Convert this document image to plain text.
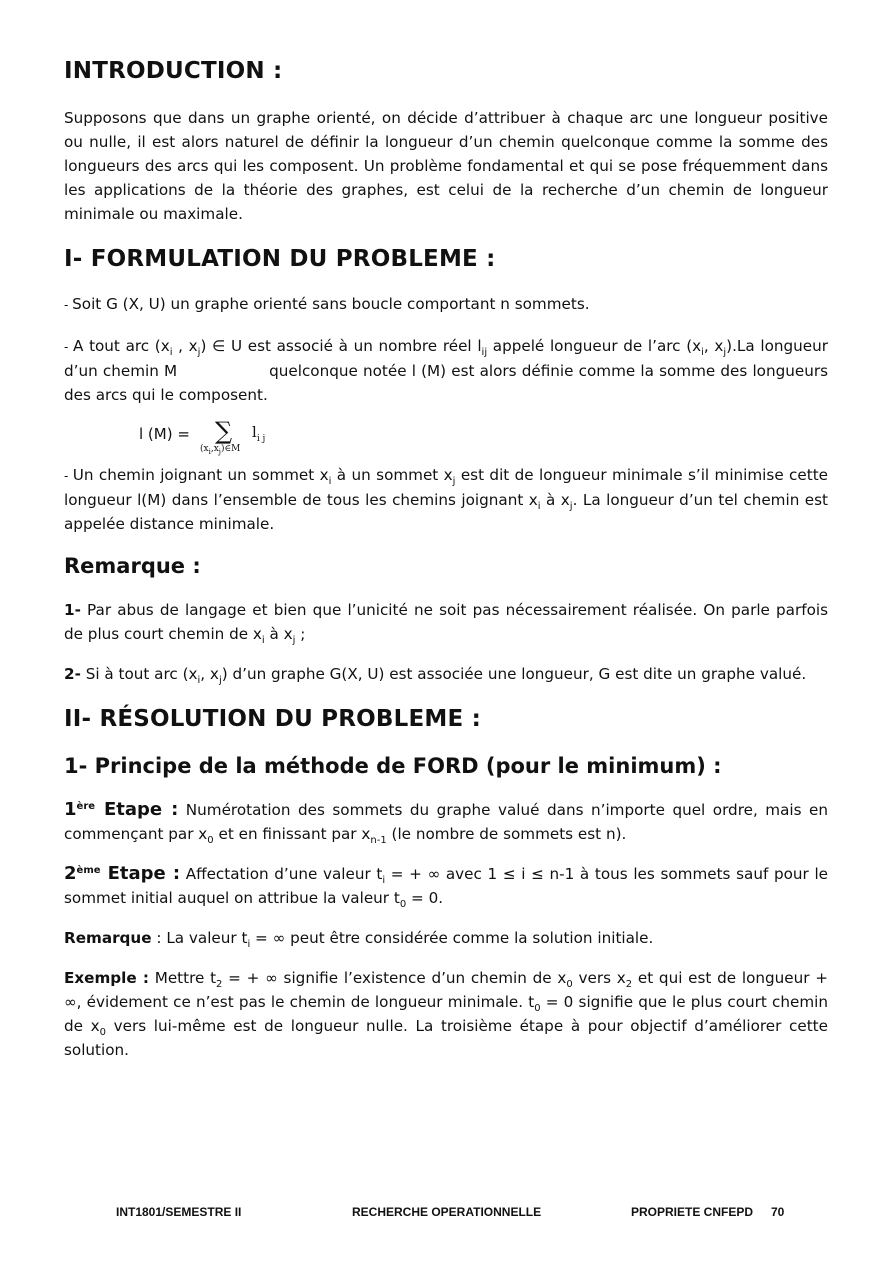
INTRODUCTION :

Supposons que dans un graphe orienté, on décide d’attribuer à chaque arc une longueur positive ou nulle, il est alors naturel de définir la longueur d’un chemin quelconque comme la somme des longueurs des arcs qui les composent. Un problème fondamental et qui se pose fréquemment dans les applications de la théorie des graphes, est celui de la recherche d’un chemin de longueur minimale ou maximale.

I- FORMULATION DU PROBLEME :

- Soit G (X, U) un graphe orienté sans boucle comportant n sommets.

- A tout arc ($x_i$ , $x_j$) ∈ U est associé à un nombre réel $l_{ij}$ appelé longueur de l’arc ($x_i$, $x_j).La$ longueur d’un chemin M	quelconque notée l (M) est alors définie comme la somme des longueurs des arcs qui le composent.

l (M) = ∑ $l_{i j}$
$(x_i,x_j)\in M$

- Un chemin joignant un sommet $x_i$ à un sommet $x_j$ est dit de longueur minimale s’il minimise cette longueur l(M) dans l’ensemble de tous les chemins joignant $x_i$ à $x_j$. La longueur d’un tel chemin est appelée distance minimale.

Remarque :

1- Par abus de langage et bien que l’unicité ne soit pas nécessairement réalisée. On parle parfois de plus court chemin de $x_i$ à $x_j$ ;

2- Si à tout arc ($x_i$, $x_j$) d’un graphe G(X, U) est associée une longueur, G est dite un graphe valué.

II- RÉSOLUTION DU PROBLEME :
1- Principe de la méthode de FORD (pour le minimum) :

1ère Etape : Numérotation des sommets du graphe valué dans n’importe quel ordre, mais en commençant par $x_0$ et en finissant par $x_{n-1}$ (le nombre de sommets est n).

2ème Etape : Affectation d’une valeur $t_i$ = + ∞ avec 1 ≤ i ≤ n-1 à tous les sommets sauf pour le sommet initial auquel on attribue la valeur $t_0 = 0$.

Remarque : La valeur $t_i$ = ∞ peut être considérée comme la solution initiale.

Exemple : Mettre $t_2$ = + ∞ signifie l’existence d’un chemin de $x_0$ vers $x_2$ et qui est de longueur + ∞, évidement ce n’est pas le chemin de longueur minimale. $t_0 = 0$ signifie que le plus court chemin de $x_0$ vers lui-même est de longueur nulle. La troisième étape à pour objectif d’améliorer cette solution.

INT1801/SEMESTRE II	RECHERCHE OPERATIONNELLE	PROPRIETE CNFEPD 70
